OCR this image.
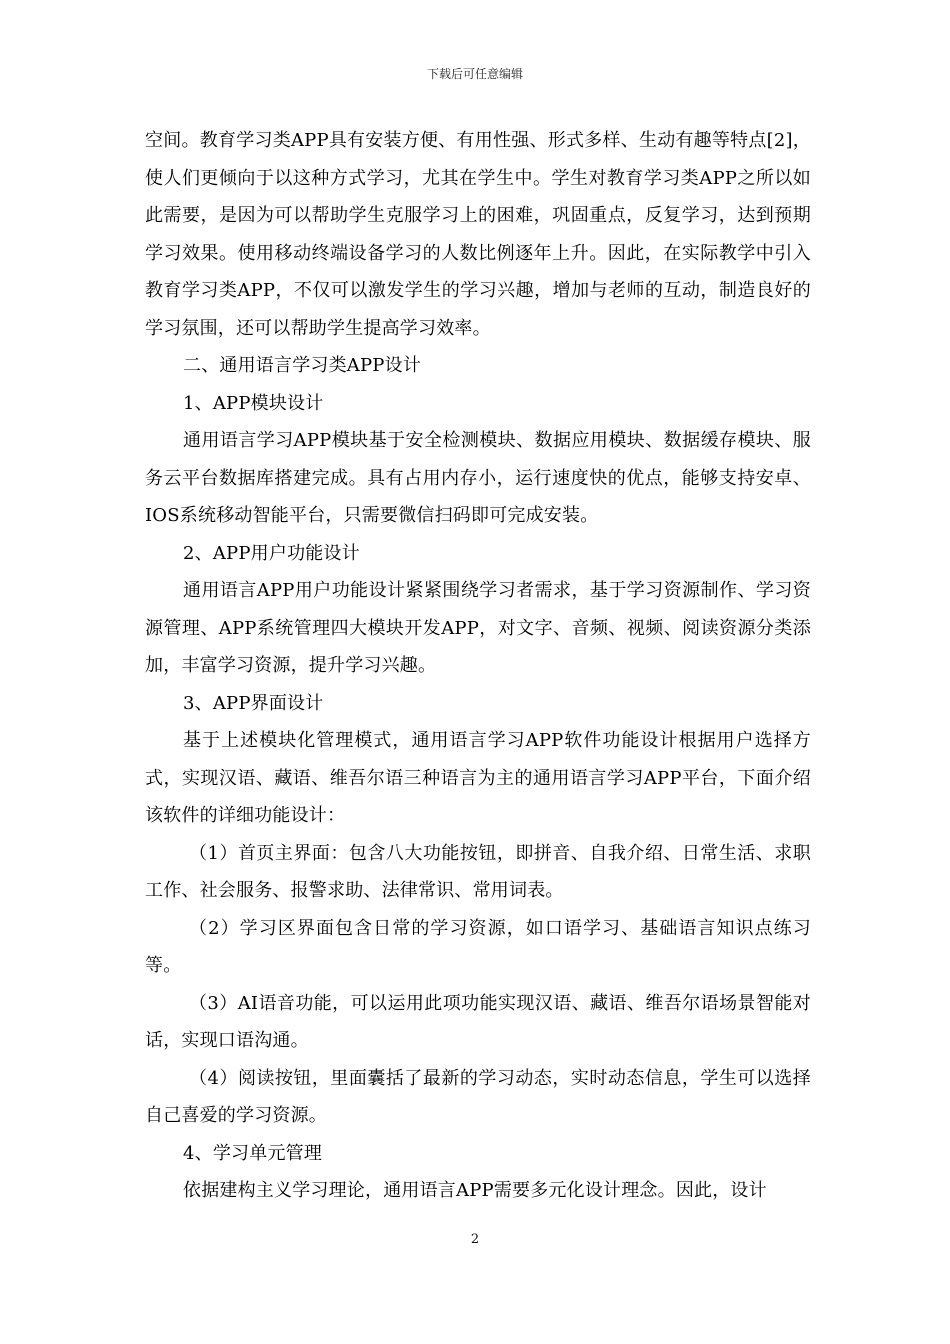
下载后可任意编辑

空间。教育学习类APP具有安装方便、有用性强、形式多样、生动有趣等特点[2]，使人们更倾向于以这种方式学习，尤其在学生中。学生对教育学习类APP之所以如此需要，是因为可以帮助学生克服学习上的困难，巩固重点，反复学习，达到预期学习效果。使用移动终端设备学习的人数比例逐年上升。因此，在实际教学中引入教育学习类APP，不仅可以激发学生的学习兴趣，增加与老师的互动，制造良好的学习氛围，还可以帮助学生提高学习效率。

二、通用语言学习类APP设计

1、APP模块设计

通用语言学习APP模块基于安全检测模块、数据应用模块、数据缓存模块、服务云平台数据库搭建完成。具有占用内存小，运行速度快的优点，能够支持安卓、IOS系统移动智能平台，只需要微信扫码即可完成安装。

2、APP用户功能设计

通用语言APP用户功能设计紧紧围绕学习者需求，基于学习资源制作、学习资源管理、APP系统管理四大模块开发APP，对文字、音频、视频、阅读资源分类添加，丰富学习资源，提升学习兴趣。

3、APP界面设计

基于上述模块化管理模式，通用语言学习APP软件功能设计根据用户选择方式，实现汉语、藏语、维吾尔语三种语言为主的通用语言学习APP平台，下面介绍该软件的详细功能设计：

（1）首页主界面：包含八大功能按钮，即拼音、自我介绍、日常生活、求职工作、社会服务、报警求助、法律常识、常用词表。

（2）学习区界面包含日常的学习资源，如口语学习、基础语言知识点练习等。

（3）AI语音功能，可以运用此项功能实现汉语、藏语、维吾尔语场景智能对话，实现口语沟通。

（4）阅读按钮，里面囊括了最新的学习动态，实时动态信息，学生可以选择自己喜爱的学习资源。

4、学习单元管理

依据建构主义学习理论，通用语言APP需要多元化设计理念。因此，设计

2
